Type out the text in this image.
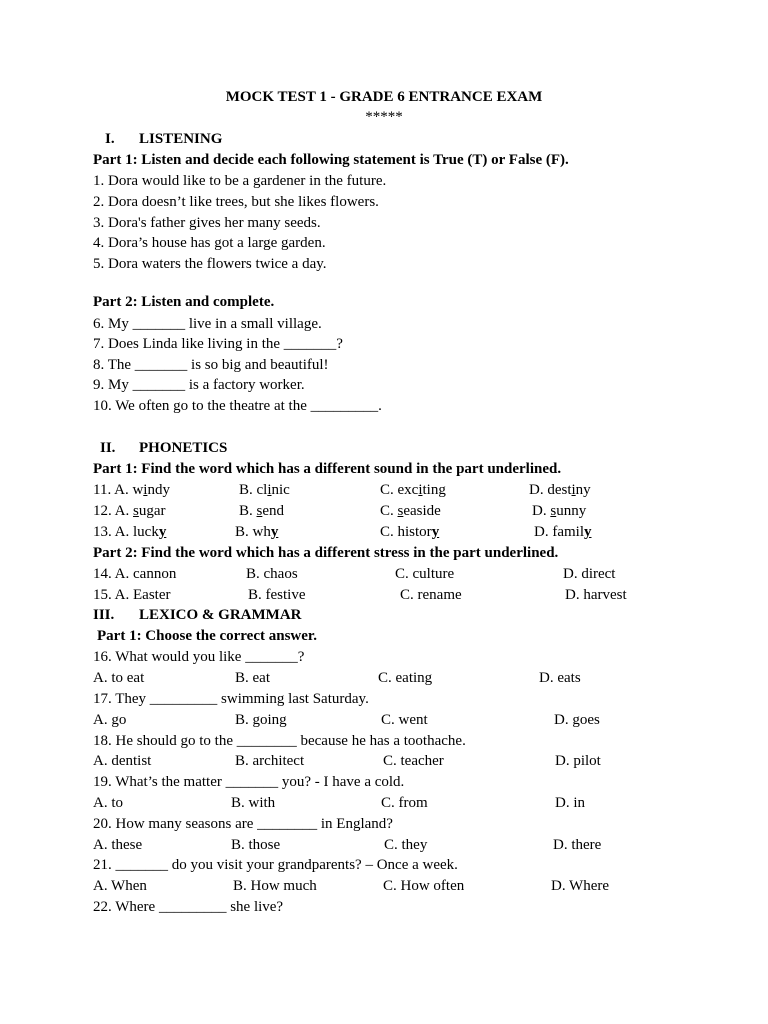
MOCK TEST 1 - GRADE 6 ENTRANCE EXAM
*****
I. LISTENING
Part 1: Listen and decide each following statement is True (T) or False (F).
1. Dora would like to be a gardener in the future.
2. Dora doesn’t like trees, but she likes flowers.
3. Dora's father gives her many seeds.
4. Dora’s house has got a large garden.
5. Dora waters the flowers twice a day.
Part 2: Listen and complete.
6. My _______ live in a small village.
7. Does Linda like living in the _______?
8. The _______ is so big and beautiful!
9. My _______ is a factory worker.
10. We often go to the theatre at the _________.
II. PHONETICS
Part 1: Find the word which has a different sound in the part underlined.
11. A. windy	B. clinic	C. exciting	D. destiny
12. A. sugar	B. send	C. seaside	D. sunny
13. A. lucky	B. why	C. history	D. family
Part 2: Find the word which has a different stress in the part underlined.
14. A. cannon	B. chaos	C. culture	D. direct
15. A. Easter	B. festive	C. rename	D. harvest
III. LEXICO & GRAMMAR
Part 1: Choose the correct answer.
16. What would you like _______?
A. to eat	B. eat	C. eating	D. eats
17. They _________ swimming last Saturday.
A. go	B. going	C. went	D. goes
18. He should go to the ________ because he has a toothache.
A. dentist	B. architect	C. teacher	D. pilot
19. What’s the matter _______ you? - I have a cold.
A. to	B. with	C. from	D. in
20. How many seasons are ________ in England?
A. these	B. those	C. they	D. there
21. _______ do you visit your grandparents? – Once a week.
A. When	B. How much	C. How often	D. Where
22. Where _________ she live?
